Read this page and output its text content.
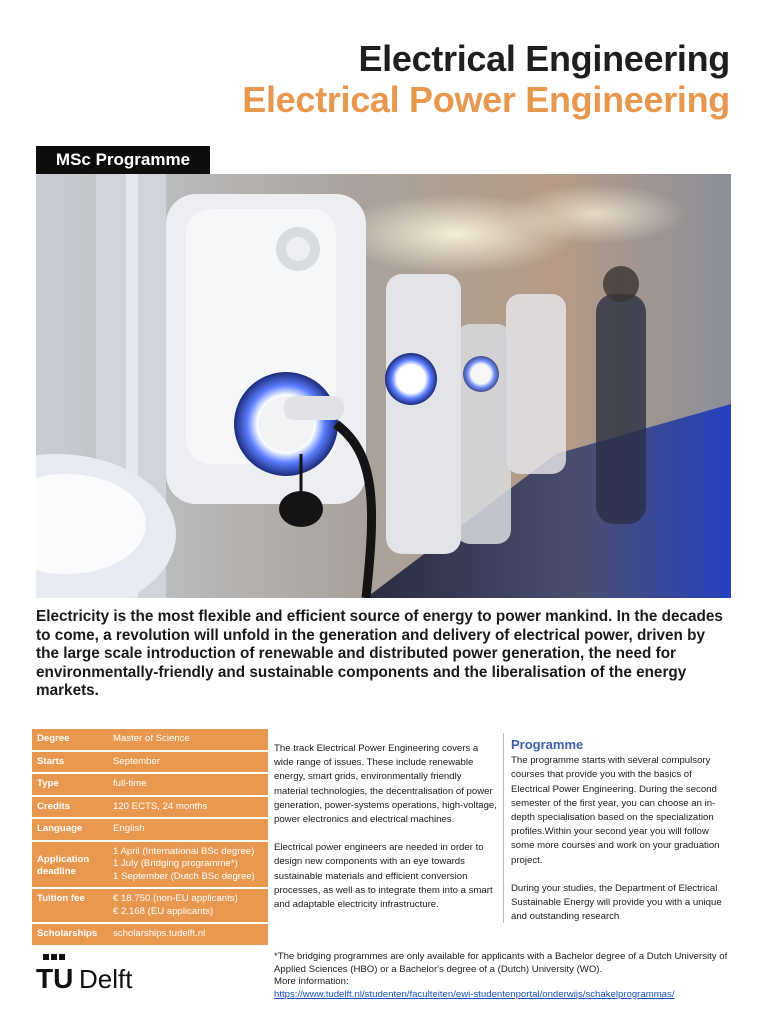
Electrical Engineering
Electrical Power Engineering
MSc Programme
Electricity is the most flexible and efficient source of energy to power mankind. In the decades to come, a revolution will unfold in the generation and delivery of electrical power, driven by the large scale introduction of renewable and distributed power generation, the need for environmentally-friendly and sustainable components and the liberalisation of the energy markets.
Degree	Master of Science
Starts	September
Type	full-time
Credits	120 ECTS, 24 months
Language	English
Application deadline	1 April (International BSc degree)
1 July (Bridging programme*)
1 September (Dutch BSc degree)
Tuition fee	€ 18.750 (non-EU applicants)
€ 2.168 (EU applicants)
Scholarships	scholarships.tudelft.nl

The track Electrical Power Engineering covers a wide range of issues. These include renewable energy, smart grids, environmentally friendly material technologies, the decentralisation of power generation, power-systems operations, high-voltage, power electronics and electrical machines.

Electrical power engineers are needed in order to design new components with an eye towards sustainable materials and efficient conversion processes, as well as to integrate them into a smart and adaptable electricity infrastructure.

Programme

The programme starts with several compulsory courses that provide you with the basics of Electrical Power Engineering. During the second semester of the first year, you can choose an in-depth specialisation based on the specialization profiles.Within your second year you will follow some more courses and work on your graduation project.

During your studies, the Department of Electrical Sustainable Energy will provide you with a unique and outstanding research

*The bridging programmes are only available for applicants with a Bachelor degree of a Dutch University of Applied Sciences (HBO) or a Bachelor's degree of a (Dutch) University (WO).
More information:
https://www.tudelft.nl/studenten/faculteiten/ewi-studentenportal/onderwijs/schakelprogrammas/
TU Delft
